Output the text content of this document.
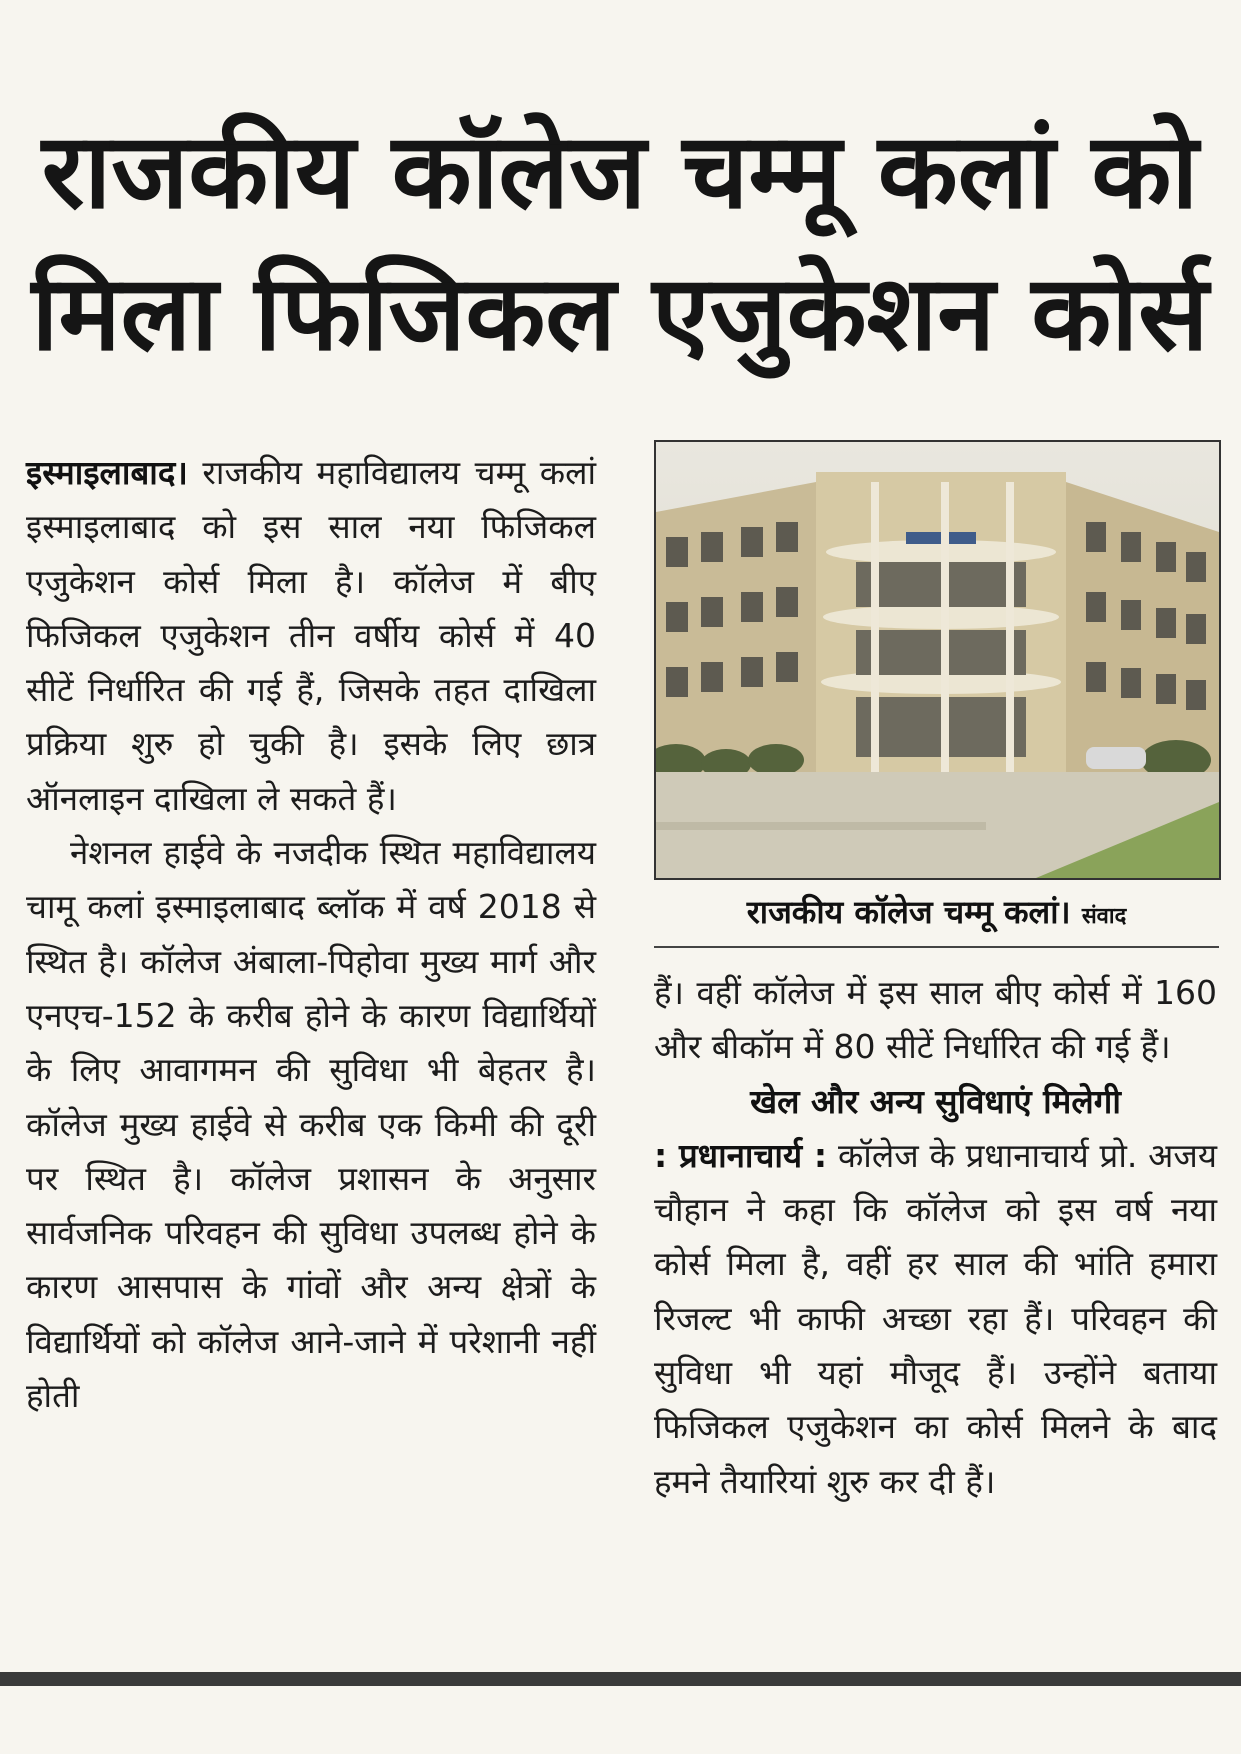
राजकीय कॉलेज चम्मू कलां को
मिला फिजिकल एजुकेशन कोर्स

इस्माइलाबाद। राजकीय महाविद्यालय चम्मू कलां इस्माइलाबाद को इस साल नया फिजिकल एजुकेशन कोर्स मिला है। कॉलेज में बीए फिजिकल एजुकेशन तीन वर्षीय कोर्स में 40 सीटें निर्धारित की गई हैं, जिसके तहत दाखिला प्रक्रिया शुरु हो चुकी है। इसके लिए छात्र ऑनलाइन दाखिला ले सकते हैं।

नेशनल हाईवे के नजदीक स्थित महाविद्यालय चामू कलां इस्माइलाबाद ब्लॉक में वर्ष 2018 से स्थित है। कॉलेज अंबाला-पिहोवा मुख्य मार्ग और एनएच-152 के करीब होने के कारण विद्यार्थियों के लिए आवागमन की सुविधा भी बेहतर है। कॉलेज मुख्य हाईवे से करीब एक किमी की दूरी पर स्थित है। कॉलेज प्रशासन के अनुसार सार्वजनिक परिवहन की सुविधा उपलब्ध होने के कारण आसपास के गांवों और अन्य क्षेत्रों के विद्यार्थियों को कॉलेज आने-जाने में परेशानी नहीं होती

राजकीय कॉलेज चम्मू कलां। संवाद

हैं। वहीं कॉलेज में इस साल बीए कोर्स में 160 और बीकॉम में 80 सीटें निर्धारित की गई हैं।

खेल और अन्य सुविधाएं मिलेगी

: प्रधानाचार्य : कॉलेज के प्रधानाचार्य प्रो. अजय चौहान ने कहा कि कॉलेज को इस वर्ष नया कोर्स मिला है, वहीं हर साल की भांति हमारा रिजल्ट भी काफी अच्छा रहा हैं। परिवहन की सुविधा भी यहां मौजूद हैं। उन्होंने बताया फिजिकल एजुकेशन का कोर्स मिलने के बाद हमने तैयारियां शुरु कर दी हैं।
